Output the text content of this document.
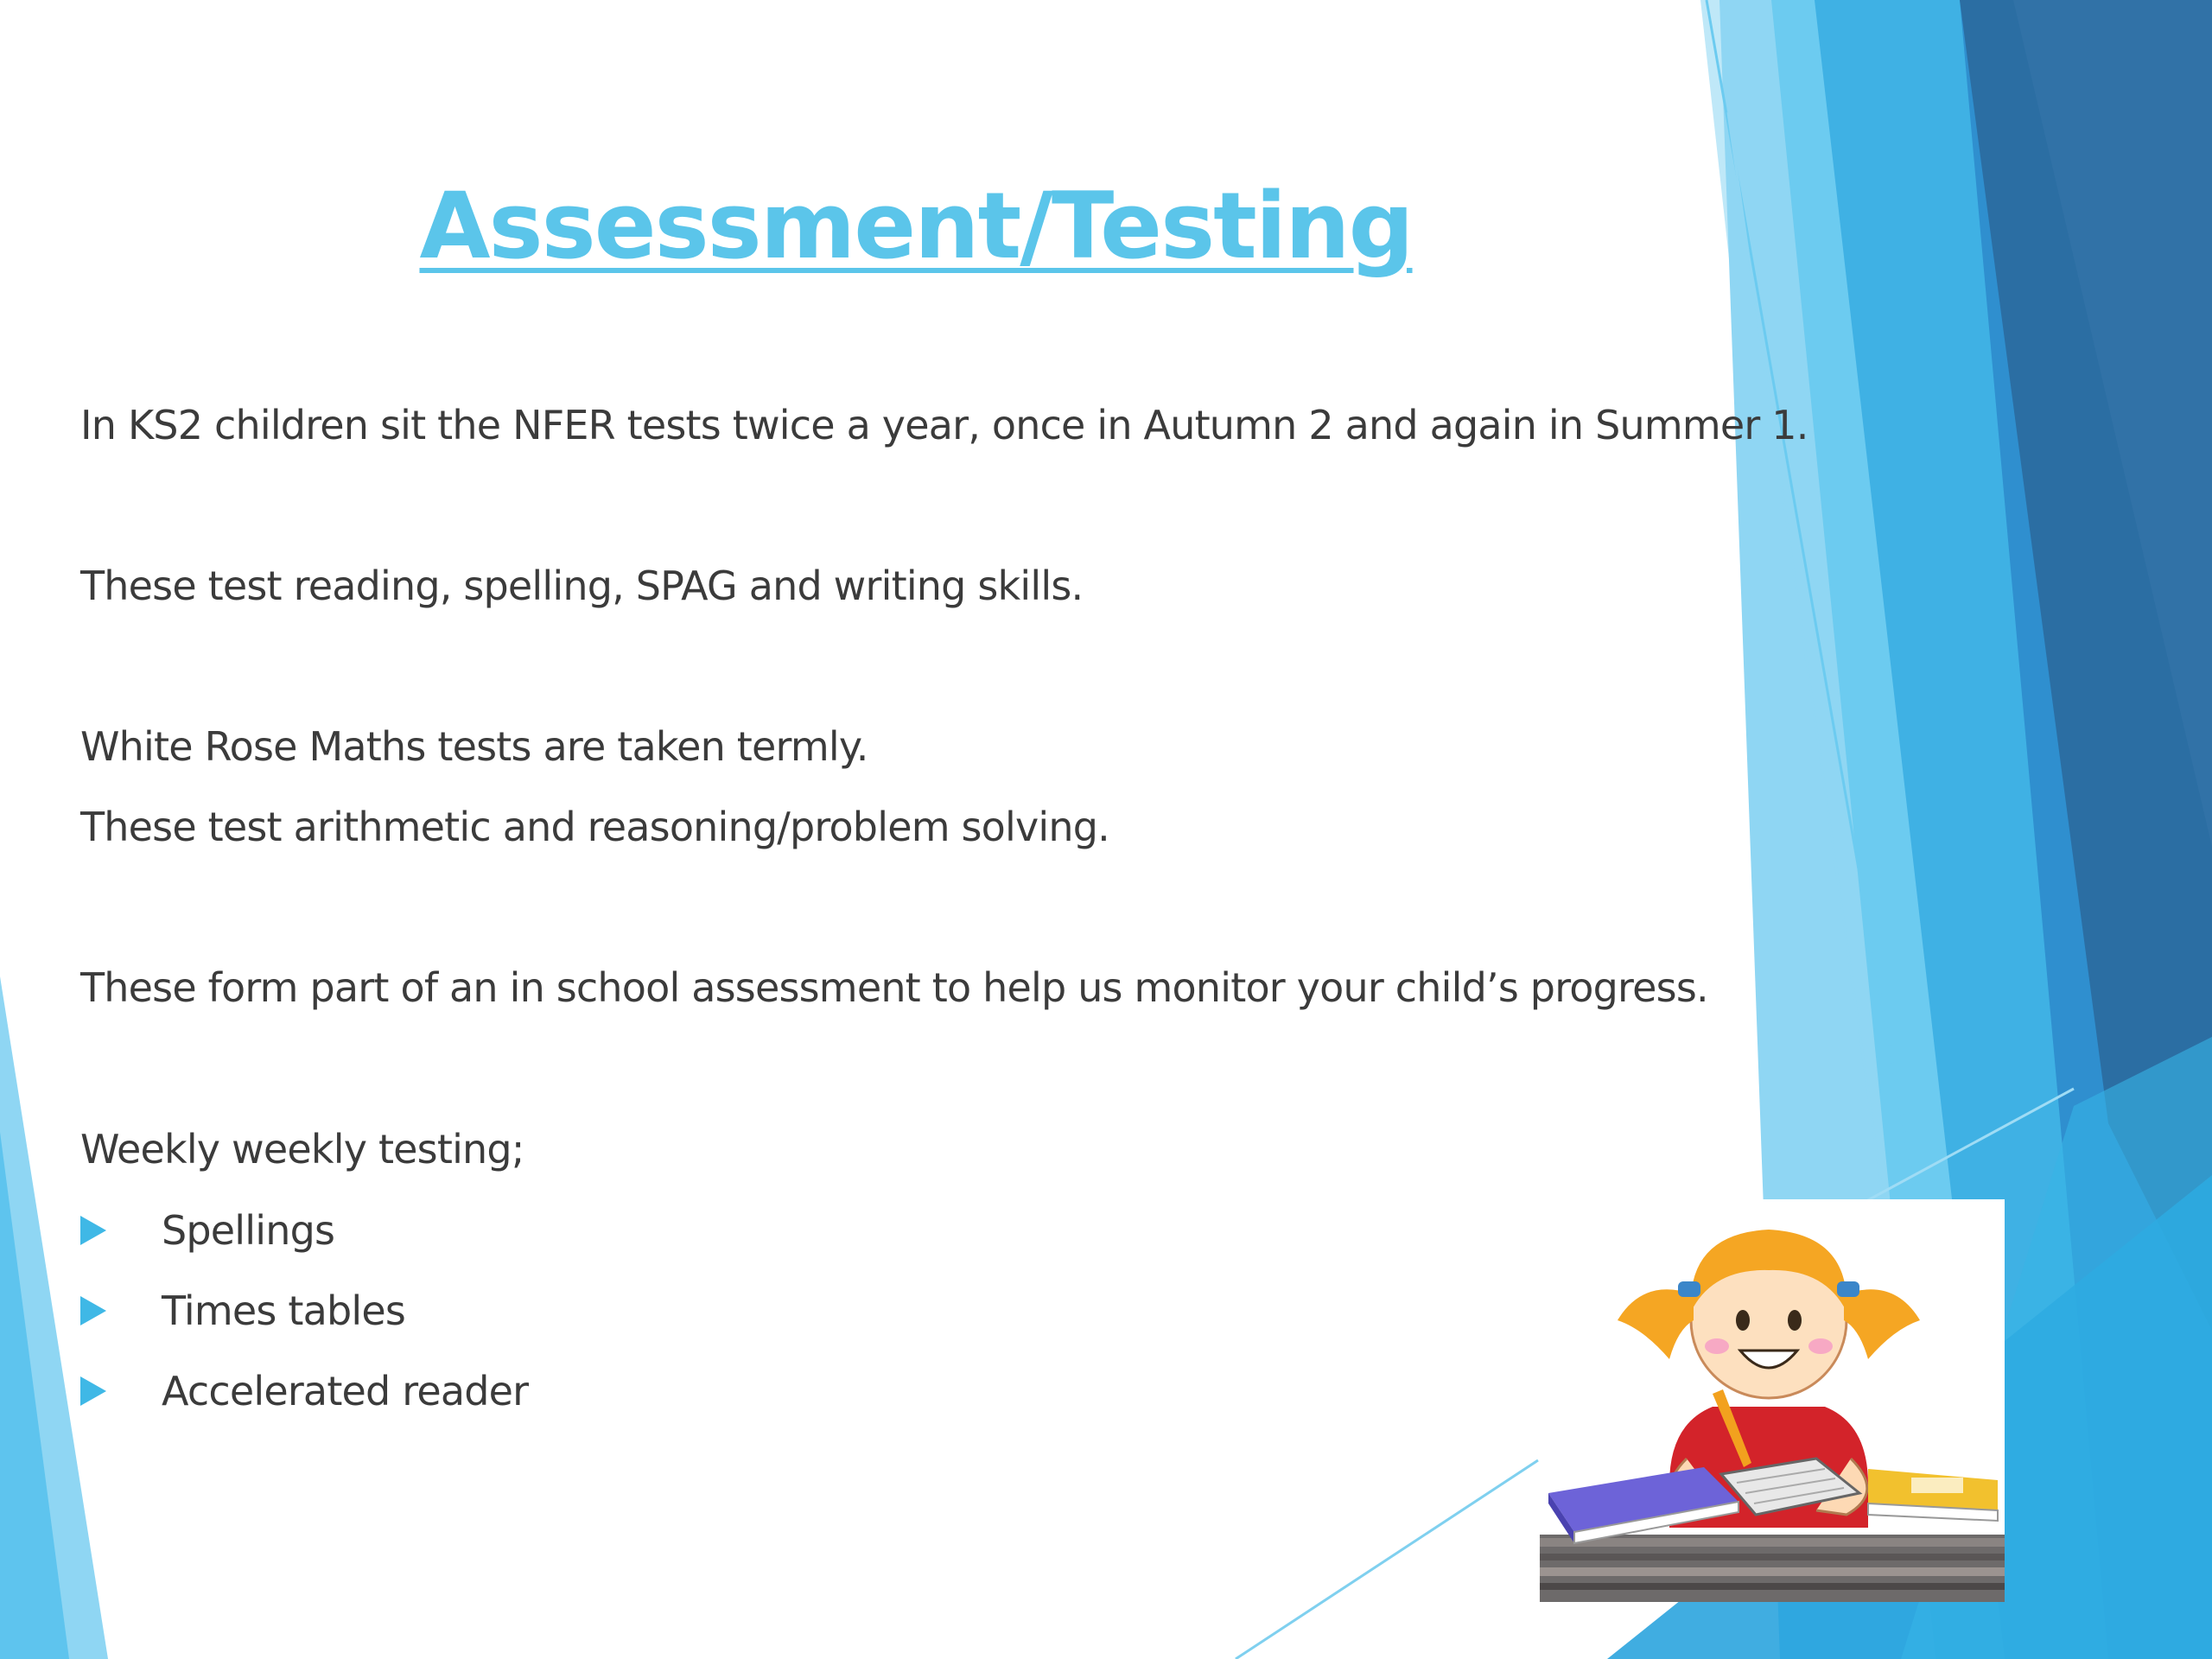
Assessment/Testing

In KS2 children sit the NFER tests twice a year, once in Autumn 2 and again in Summer 1.

These test reading, spelling, SPAG and writing skills.

White Rose Maths tests are taken termly.

These test arithmetic and reasoning/problem solving.

These form part of an in school assessment to help us monitor your child’s progress.

Weekly weekly testing;

Spellings
Times tables
Accelerated reader
